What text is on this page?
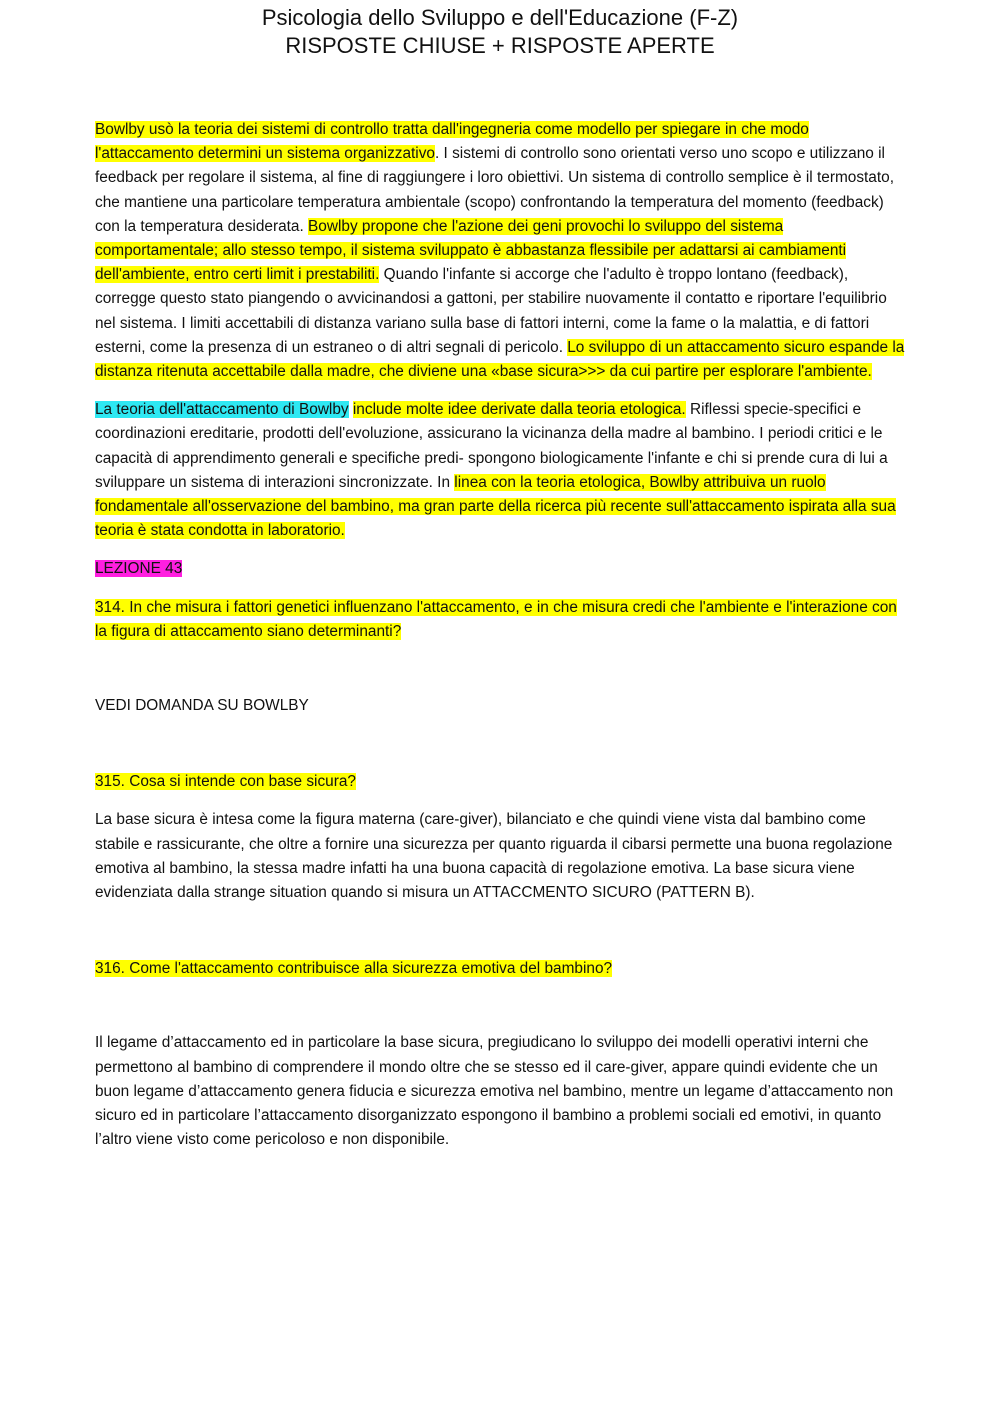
Psicologia dello Sviluppo e dell'Educazione (F-Z)
RISPOSTE CHIUSE + RISPOSTE APERTE

Bowlby usò la teoria dei sistemi di controllo tratta dall'ingegneria come modello per spiegare in che modo l'attaccamento determini un sistema organizzativo. I sistemi di controllo sono orientati verso uno scopo e utilizzano il feedback per regolare il sistema, al fine di raggiungere i loro obiettivi. Un sistema di controllo semplice è il termostato, che mantiene una particolare temperatura ambientale (scopo) confrontando la temperatura del momento (feedback) con la temperatura desiderata. Bowlby propone che l'azione dei geni provochi lo sviluppo del sistema comportamentale; allo stesso tempo, il sistema sviluppato è abbastanza flessibile per adattarsi ai cambiamenti dell'ambiente, entro certi limit i prestabiliti. Quando l'infante si accorge che l'adulto è troppo lontano (feedback), corregge questo stato piangendo o avvicinandosi a gattoni, per stabilire nuovamente il contatto e riportare l'equilibrio nel sistema. I limiti accettabili di distanza variano sulla base di fattori interni, come la fame o la malattia, e di fattori esterni, come la presenza di un estraneo o di altri segnali di pericolo. Lo sviluppo di un attaccamento sicuro espande la distanza ritenuta accettabile dalla madre, che diviene una «base sicura>>> da cui partire per esplorare l'ambiente.

La teoria dell'attaccamento di Bowlby include molte idee derivate dalla teoria etologica. Riflessi specie-specifici e coordinazioni ereditarie, prodotti dell'evoluzione, assicurano la vicinanza della madre al bambino. I periodi critici e le capacità di apprendimento generali e specifiche predi- spongono biologicamente l'infante e chi si prende cura di lui a sviluppare un sistema di interazioni sincronizzate. In linea con la teoria etologica, Bowlby attribuiva un ruolo fondamentale all'osservazione del bambino, ma gran parte della ricerca più recente sull'attaccamento ispirata alla sua teoria è stata condotta in laboratorio.

LEZIONE 43

314. In che misura i fattori genetici influenzano l'attaccamento, e in che misura credi che l'ambiente e l'interazione con la figura di attaccamento siano determinanti?

VEDI DOMANDA SU BOWLBY

315. Cosa si intende con base sicura?

La base sicura è intesa come la figura materna (care-giver), bilanciato e che quindi viene vista dal bambino come stabile e rassicurante, che oltre a fornire una sicurezza per quanto riguarda il cibarsi permette una buona regolazione emotiva al bambino, la stessa madre infatti ha una buona capacità di regolazione emotiva. La base sicura viene evidenziata dalla strange situation quando si misura un ATTACCMENTO SICURO (PATTERN B).

316. Come l'attaccamento contribuisce alla sicurezza emotiva del bambino?

Il legame d’attaccamento ed in particolare la base sicura, pregiudicano lo sviluppo dei modelli operativi interni che permettono al bambino di comprendere il mondo oltre che se stesso ed il care-giver, appare quindi evidente che un buon legame d’attaccamento genera fiducia e sicurezza emotiva nel bambino, mentre un legame d’attaccamento non sicuro ed in particolare l’attaccamento disorganizzato espongono il bambino a problemi sociali ed emotivi, in quanto l’altro viene visto come pericoloso e non disponibile.
